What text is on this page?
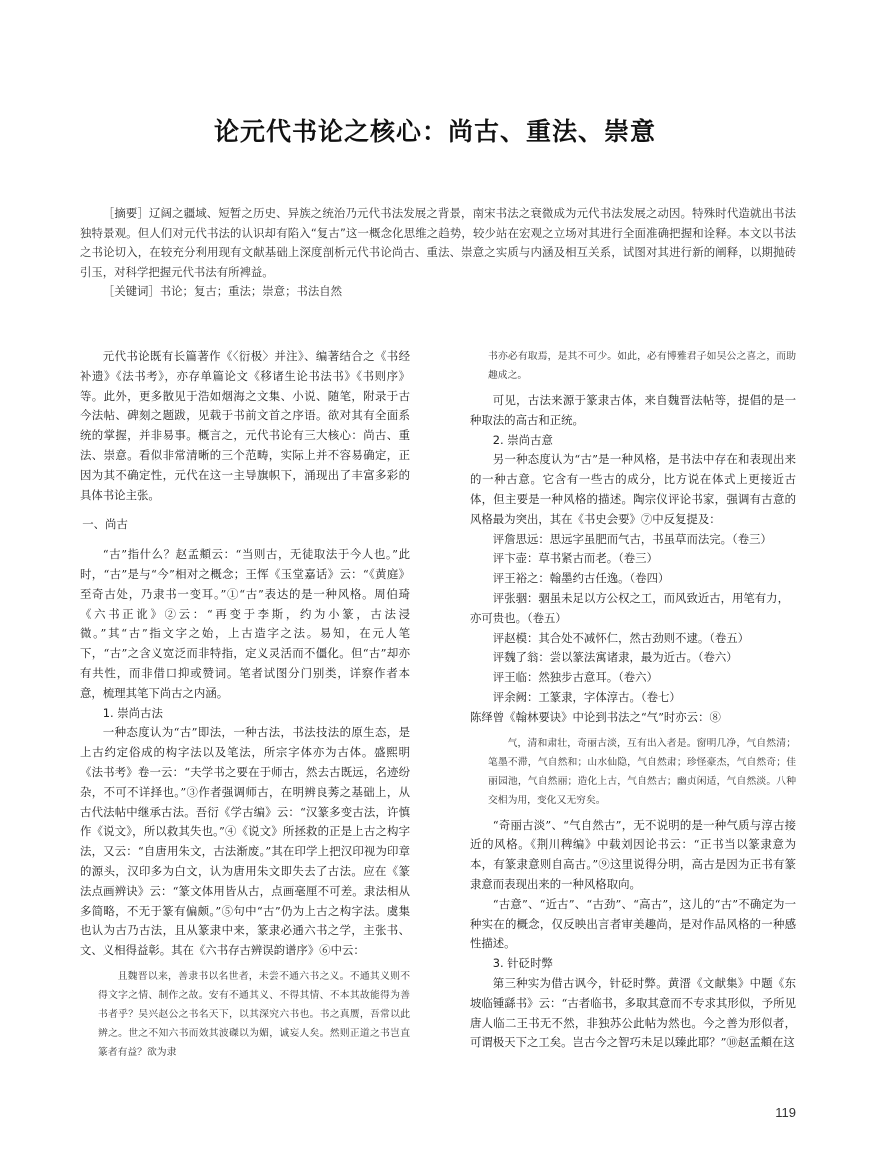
论元代书论之核心：尚古、重法、崇意

［摘要］辽阔之疆域、短暂之历史、异族之统治乃元代书法发展之背景，南宋书法之衰微成为元代书法发展之动因。特殊时代造就出书法独特景观。但人们对元代书法的认识却有陷入“复古”这一概念化思维之趋势，较少站在宏观之立场对其进行全面准确把握和诠释。本文以书法之书论切入，在较充分利用现有文献基础上深度剖析元代书论尚古、重法、崇意之实质与内涵及相互关系，试图对其进行新的阐释，以期抛砖引玉，对科学把握元代书法有所裨益。

［关键词］书论；复古；重法；崇意；书法自然

元代书论既有长篇著作《〈衍极〉并注》、编著结合之《书经补遗》《法书考》，亦存单篇论文《移诸生论书法书》《书则序》等。此外，更多散见于浩如烟海之文集、小说、随笔，附录于古今法帖、碑刻之题跋，见载于书前文首之序语。欲对其有全面系统的掌握，并非易事。概言之，元代书论有三大核心：尚古、重法、崇意。看似非常清晰的三个范畴，实际上并不容易确定，正因为其不确定性，元代在这一主导旗帜下，涌现出了丰富多彩的具体书论主张。

一、尚古

“古”指什么？赵孟頫云：“当则古，无徒取法于今人也。”此时，“古”是与“今”相对之概念；王恽《玉堂嘉话》云：“《黄庭》至奇古处，乃隶书一变耳。”①“古”表达的是一种风格。周伯琦《六书正讹》②云：“再变于李斯，约为小篆，古法浸微。”其“古”指文字之始，上古造字之法。易知，在元人笔下，“古”之含义宽泛而非特指，定义灵活而不僵化。但“古”却亦有共性，而非借口抑或赞词。笔者试图分门别类，详察作者本意，梳理其笔下尚古之内涵。

1. 崇尚古法

一种态度认为“古”即法，一种古法，书法技法的原生态，是上古约定俗成的构字法以及笔法，所宗字体亦为古体。盛熙明《法书考》卷一云：“夫学书之要在于师古，然去古既远，名迹纷杂，不可不详择也。”③作者强调师古，在明辨良莠之基础上，从古代法帖中继承古法。吾衍《学古编》云：“汉篆多变古法，许慎作《说文》，所以救其失也。”④《说文》所拯救的正是上古之构字法，又云：“自唐用朱文，古法渐废。”其在印学上把汉印视为印章的源头，汉印多为白文，认为唐用朱文即失去了古法。应在《篆法点画辨诀》云：“篆文体用皆从古，点画毫厘不可差。隶法相从多简略，不无于篆有偏颇。”⑤句中“古”仍为上古之构字法。虞集也认为古乃古法，且从篆隶中来，篆隶必通六书之学，主张书、文、义相得益彰。其在《六书存古辨误韵谱序》⑥中云：

且魏晋以来，善隶书以名世者，未尝不通六书之义。不通其义则不得文字之情、制作之故。安有不通其义、不得其情、不本其故能得为善书者乎？吴兴赵公之书名天下，以其深究六书也。书之真赝，吾常以此辨之。世之不知六书而效其波磔以为媚，诚妄人矣。然则正道之书岂直篆者有益？欲为隶

书亦必有取焉，是其不可少。如此，必有博雅君子如吴公之喜之，而助趣成之。

可见，古法来源于篆隶古体，来自魏晋法帖等，提倡的是一种取法的高古和正统。

2. 崇尚古意

另一种态度认为“古”是一种风格，是书法中存在和表现出来的一种古意。它含有一些古的成分，比方说在体式上更接近古体，但主要是一种风格的描述。陶宗仪评论书家，强调有古意的风格最为突出，其在《书史会要》⑦中反复提及：

评詹思远：思远字虽肥而气古，书虽草而法完。（卷三）
评卞壶：草书紧古而老。（卷三）
评王裕之：翰墨约古任逸。（卷四）
评张骃：骃虽未足以方公权之工，而风致近古，用笔有力，亦可贵也。（卷五）
评赵模：其合处不减怀仁，然古劲则不逮。（卷五）
评魏了翁：尝以篆法寓诸隶，最为近古。（卷六）
评王临：然独步古意耳。（卷六）
评余阙：工篆隶，字体淳古。（卷七）

陈绎曾《翰林要诀》中论到书法之“气”时亦云：⑧

气，清和肃壮，奇丽古淡，互有出入者是。窗明几净，气自然清；笔墨不滞，气自然和；山水仙隐，气自然肃；珍怪豪杰，气自然奇；佳丽园池，气自然丽；造化上古，气自然古；幽贞闲适，气自然淡。八种交相为用，变化又无穷矣。

“奇丽古淡”、“气自然古”，无不说明的是一种气质与淳古接近的风格。《荆川稗编》中载刘因论书云：“正书当以篆隶意为本，有篆隶意则自高古。”⑨这里说得分明，高古是因为正书有篆隶意而表现出来的一种风格取向。

“古意”、“近古”、“古劲”、“高古”，这儿的“古”不确定为一种实在的概念，仅反映出言者审美趣尚，是对作品风格的一种感性描述。

3. 针砭时弊

第三种实为借古讽今，针砭时弊。黄溍《文献集》中题《东坡临锺繇书》云：“古者临书，多取其意而不专求其形似，予所见唐人临二王书无不然，非独苏公此帖为然也。今之善为形似者，可谓极天下之工矣。岂古今之智巧未足以臻此耶？”⑩赵孟頫在这

119
